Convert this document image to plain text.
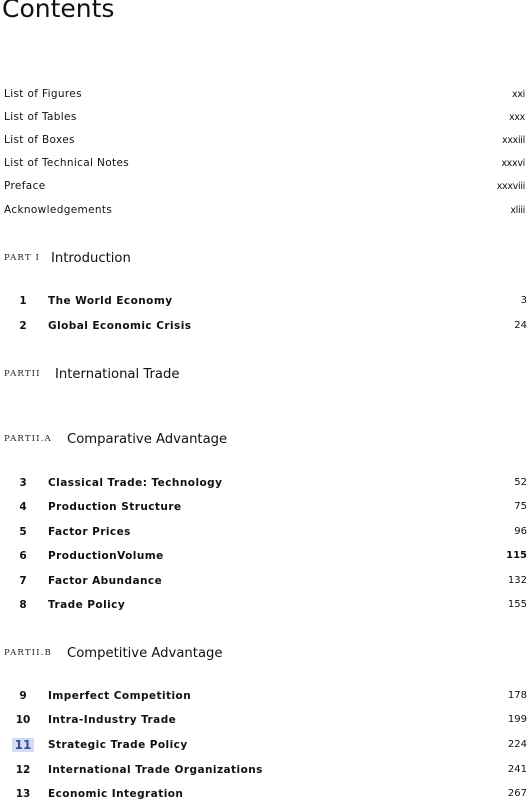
Contents
List of Figures	xxi
List of Tables	xxx
List of Boxes	xxxiil
List of Technical Notes	xxxvi
Preface	xxxviii
Acknowledgements	xliii
PART I Introduction
1	The World Economy	3
2	Global Economic Crisis	24
PARTII	International Trade
PARTII.A	Comparative Advantage
3	Classical Trade: Technology	52
4	Production Structure	75
5	Factor Prices	96
6	ProductionVolume	115
7	Factor Abundance	132
8	Trade Policy	155
PARTII.B	Competitive Advantage
9	Imperfect Competition	178
10	Intra-Industry Trade	199
11 Strategic Trade Policy	224
12	International Trade Organizations	241
13	Economic Integration	267
